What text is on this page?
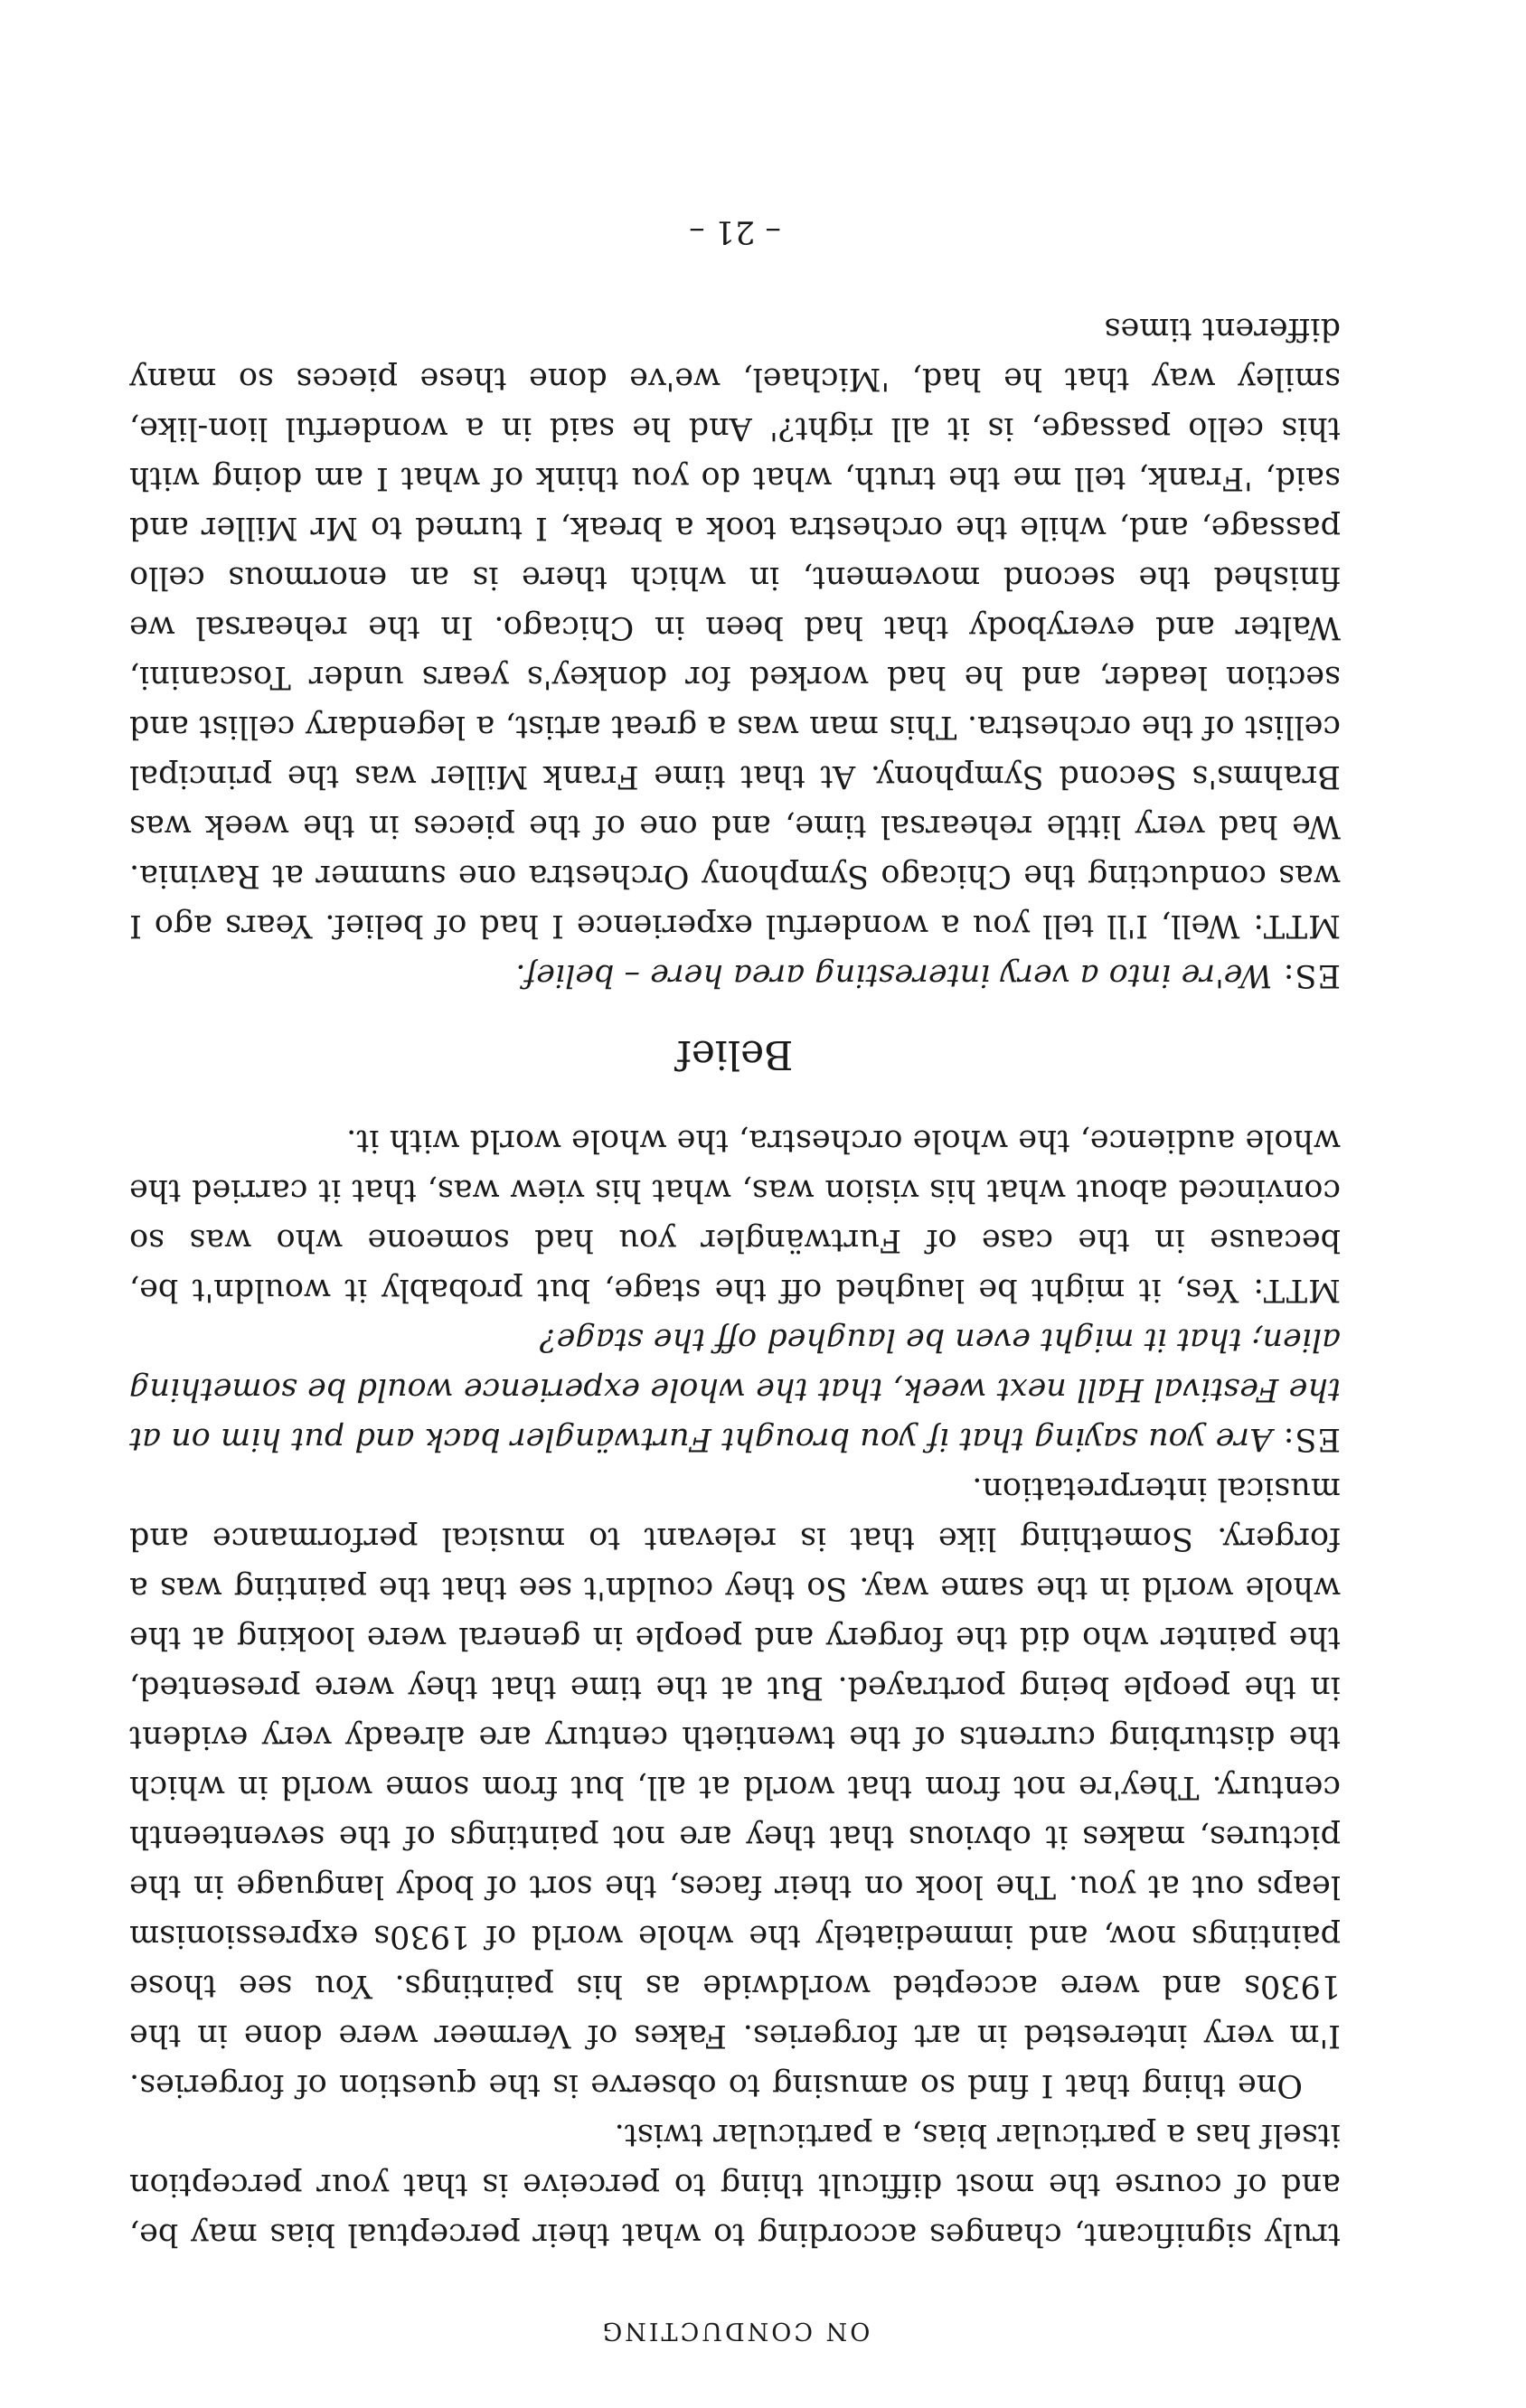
ON CONDUCTING

truly significant, changes according to what their perceptual bias may be, and of course the most difficult thing to perceive is that your perception itself has a particular bias, a particular twist.

One thing that I find so amusing to observe is the question of forgeries. I'm very interested in art forgeries. Fakes of Vermeer were done in the 1930s and were accepted worldwide as his paintings. You see those paintings now, and immediately the whole world of 1930s expressionism leaps out at you. The look on their faces, the sort of body language in the pictures, makes it obvious that they are not paintings of the seventeenth century. They're not from that world at all, but from some world in which the disturbing currents of the twentieth century are already very evident in the people being portrayed. But at the time that they were presented, the painter who did the forgery and people in general were looking at the whole world in the same way. So they couldn't see that the painting was a forgery. Something like that is relevant to musical performance and musical interpretation.

ES: Are you saying that if you brought Furtwängler back and put him on at the Festival Hall next week, that the whole experience would be something alien; that it might even be laughed off the stage?

MTT: Yes, it might be laughed off the stage, but probably it wouldn't be, because in the case of Furtwängler you had someone who was so convinced about what his vision was, what his view was, that it carried the whole audience, the whole orchestra, the whole world with it.

Belief

ES: We're into a very interesting area here – belief.

MTT: Well, I'll tell you a wonderful experience I had of belief. Years ago I was conducting the Chicago Symphony Orchestra one summer at Ravinia. We had very little rehearsal time, and one of the pieces in the week was Brahms's Second Symphony. At that time Frank Miller was the principal cellist of the orchestra. This man was a great artist, a legendary cellist and section leader, and he had worked for donkey's years under Toscanini, Walter and everybody that had been in Chicago. In the rehearsal we finished the second movement, in which there is an enormous cello passage, and, while the orchestra took a break, I turned to Mr Miller and said, 'Frank, tell me the truth, what do you think of what I am doing with this cello passage, is it all right?' And he said in a wonderful lion-like, smiley way that he had, 'Michael, we've done these pieces so many different times

– 21 –
